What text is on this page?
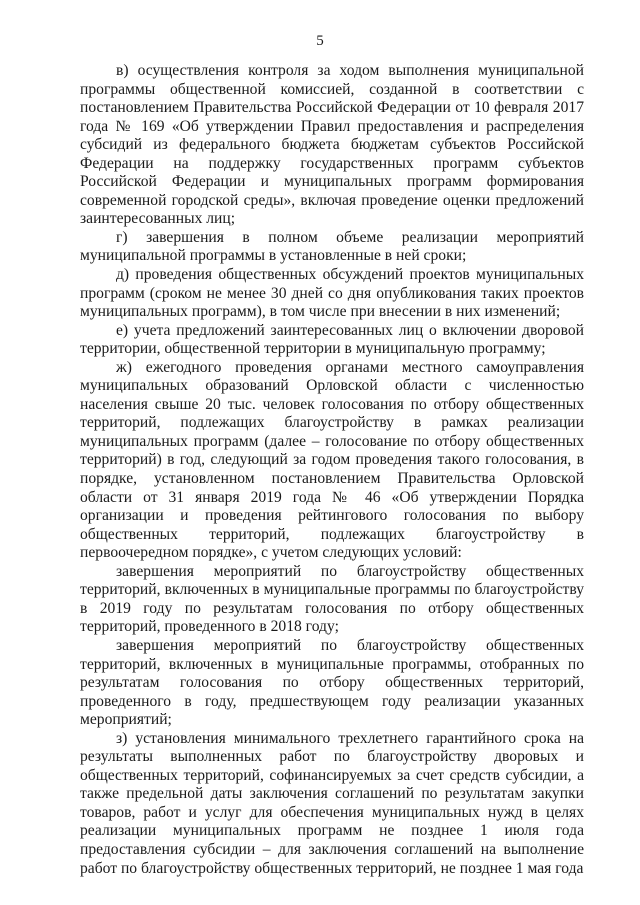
5

в) осуществления контроля за ходом выполнения муниципальной программы общественной комиссией, созданной в соответствии с постановлением Правительства Российской Федерации от 10 февраля 2017 года № 169 «Об утверждении Правил предоставления и распределения субсидий из федерального бюджета бюджетам субъектов Российской Федерации на поддержку государственных программ субъектов Российской Федерации и муниципальных программ формирования современной городской среды», включая проведение оценки предложений заинтересованных лиц;

г) завершения в полном объеме реализации мероприятий муниципальной программы в установленные в ней сроки;

д) проведения общественных обсуждений проектов муниципальных программ (сроком не менее 30 дней со дня опубликования таких проектов муниципальных программ), в том числе при внесении в них изменений;

е) учета предложений заинтересованных лиц о включении дворовой территории, общественной территории в муниципальную программу;

ж) ежегодного проведения органами местного самоуправления муниципальных образований Орловской области с численностью населения свыше 20 тыс. человек голосования по отбору общественных территорий, подлежащих благоустройству в рамках реализации муниципальных программ (далее – голосование по отбору общественных территорий) в год, следующий за годом проведения такого голосования, в порядке, установленном постановлением Правительства Орловской области от 31 января 2019 года № 46 «Об утверждении Порядка организации и проведения рейтингового голосования по выбору общественных территорий, подлежащих благоустройству в первоочередном порядке», с учетом следующих условий:

завершения мероприятий по благоустройству общественных территорий, включенных в муниципальные программы по благоустройству в 2019 году по результатам голосования по отбору общественных территорий, проведенного в 2018 году;

завершения мероприятий по благоустройству общественных территорий, включенных в муниципальные программы, отобранных по результатам голосования по отбору общественных территорий, проведенного в году, предшествующем году реализации указанных мероприятий;

з) установления минимального трехлетнего гарантийного срока на результаты выполненных работ по благоустройству дворовых и общественных территорий, софинансируемых за счет средств субсидии, а также предельной даты заключения соглашений по результатам закупки товаров, работ и услуг для обеспечения муниципальных нужд в целях реализации муниципальных программ не позднее 1 июля года предоставления субсидии – для заключения соглашений на выполнение работ по благоустройству общественных территорий, не позднее 1 мая года
